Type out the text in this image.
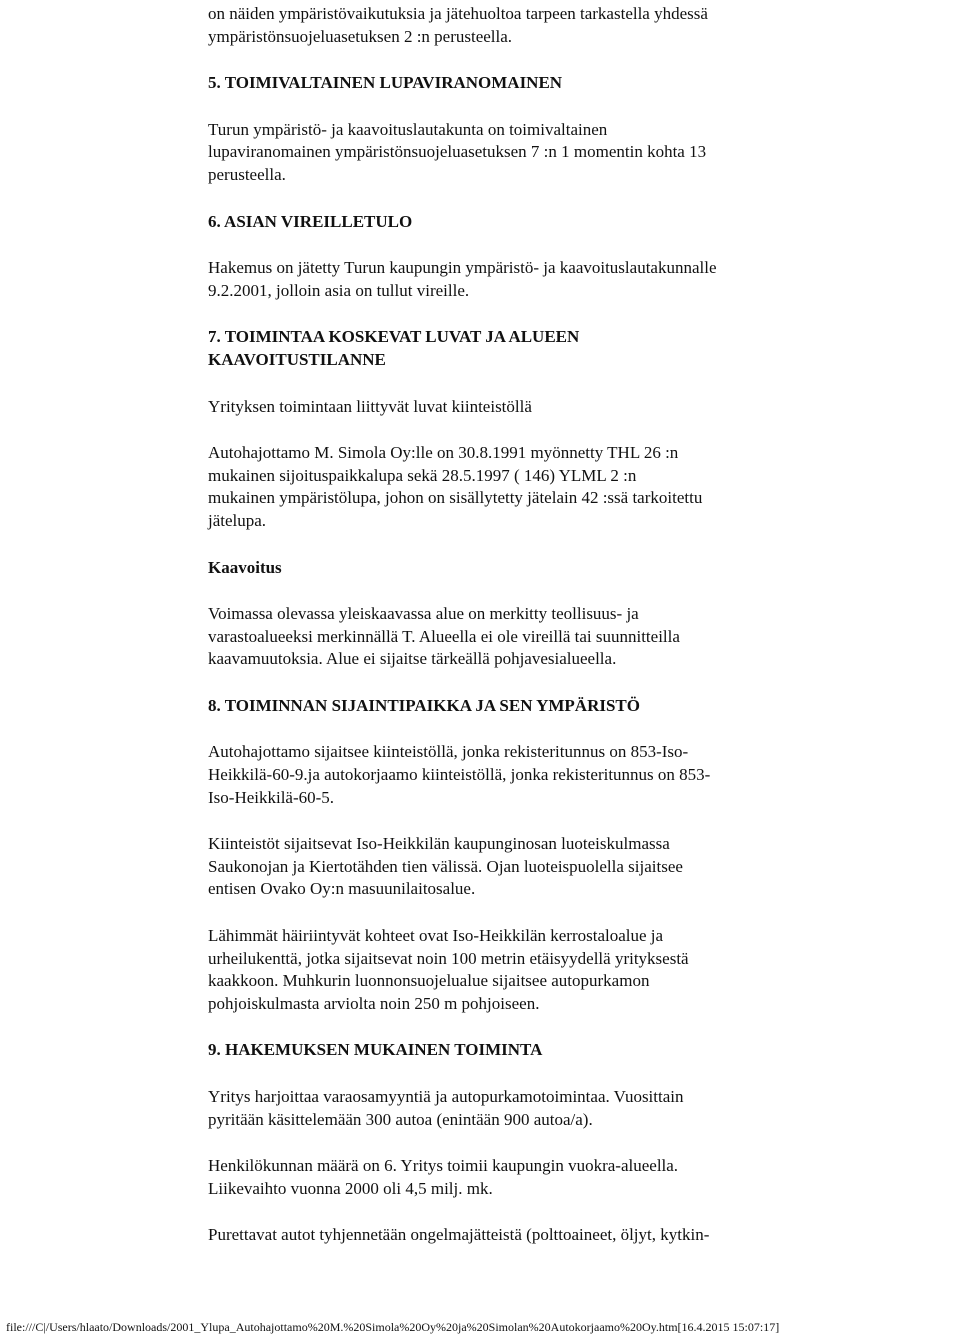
on näiden ympäristövaikutuksia ja jätehuoltoa tarpeen tarkastella yhdessä
ympäristönsuojeluasetuksen 2 :n perusteella.

5. TOIMIVALTAINEN LUPAVIRANOMAINEN

Turun ympäristö- ja kaavoituslautakunta on toimivaltainen
lupaviranomainen ympäristönsuojeluasetuksen 7 :n 1 momentin kohta 13
perusteella.

6. ASIAN VIREILLETULO

Hakemus on jätetty Turun kaupungin ympäristö- ja kaavoituslautakunnalle
9.2.2001, jolloin asia on tullut vireille.

7. TOIMINTAA KOSKEVAT LUVAT JA ALUEEN
KAAVOITUSTILANNE

Yrityksen toimintaan liittyvät luvat kiinteistöllä

Autohajottamo M. Simola Oy:lle on 30.8.1991 myönnetty THL 26 :n
mukainen sijoituspaikkalupa sekä 28.5.1997 ( 146) YLML 2 :n
mukainen ympäristölupa, johon on sisällytetty jätelain 42 :ssä tarkoitettu
jätelupa.

Kaavoitus

Voimassa olevassa yleiskaavassa alue on merkitty teollisuus- ja
varastoalueeksi merkinnällä T. Alueella ei ole vireillä tai suunnitteilla
kaavamuutoksia. Alue ei sijaitse tärkeällä pohjavesialueella.

8. TOIMINNAN SIJAINTIPAIKKA JA SEN YMPÄRISTÖ

Autohajottamo sijaitsee kiinteistöllä, jonka rekisteritunnus on 853-Iso-
Heikkilä-60-9.ja autokorjaamo kiinteistöllä, jonka rekisteritunnus on 853-
Iso-Heikkilä-60-5.

Kiinteistöt sijaitsevat Iso-Heikkilän kaupunginosan luoteiskulmassa
Saukonojan ja Kiertotähden tien välissä. Ojan luoteispuolella sijaitsee
entisen Ovako Oy:n masuunilaitosalue.

Lähimmät häiriintyvät kohteet ovat Iso-Heikkilän kerrostaloalue ja
urheilukenttä, jotka sijaitsevat noin 100 metrin etäisyydellä yrityksestä
kaakkoon. Muhkurin luonnonsuojelualue sijaitsee autopurkamon
pohjoiskulmasta arviolta noin 250 m pohjoiseen.

9. HAKEMUKSEN MUKAINEN TOIMINTA

Yritys harjoittaa varaosamyyntiä ja autopurkamotoimintaa. Vuosittain
pyritään käsittelemään 300 autoa (enintään 900 autoa/a).

Henkilökunnan määrä on 6. Yritys toimii kaupungin vuokra-alueella.
Liikevaihto vuonna 2000 oli 4,5 milj. mk.

Purettavat autot tyhjennetään ongelmajätteistä (polttoaineet, öljyt, kytkin-

file:///C|/Users/hlaato/Downloads/2001_Ylupa_Autohajottamo%20M.%20Simola%20Oy%20ja%20Simolan%20Autokorjaamo%20Oy.htm[16.4.2015 15:07:17]
